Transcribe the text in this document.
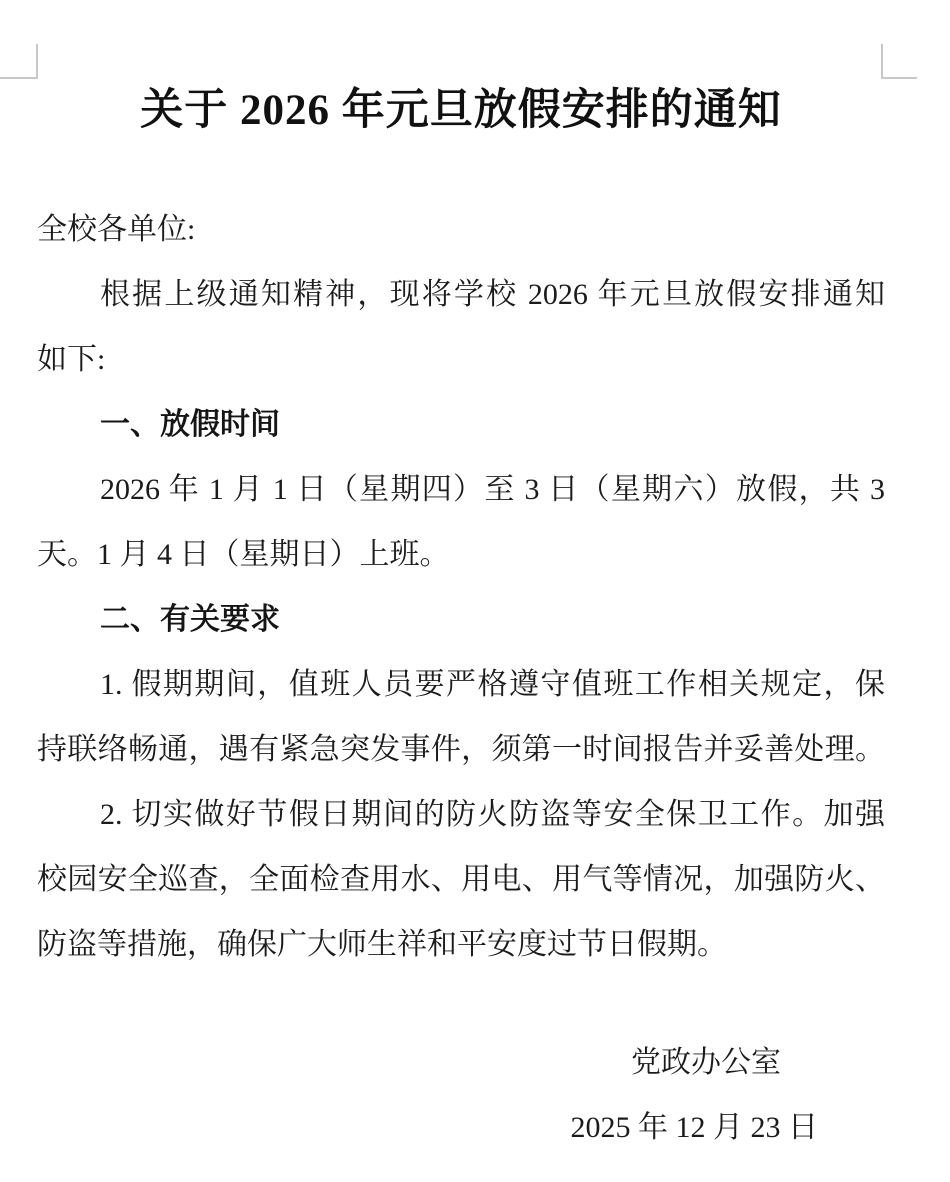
关于 2026 年元旦放假安排的通知

全校各单位:

根据上级通知精神，现将学校 2026 年元旦放假安排通知

如下:

一、放假时间

2026 年 1 月 1 日（星期四）至 3 日（星期六）放假，共 3

天。1 月 4 日（星期日）上班。

二、有关要求

1. 假期期间，值班人员要严格遵守值班工作相关规定，保

持联络畅通，遇有紧急突发事件，须第一时间报告并妥善处理。

2. 切实做好节假日期间的防火防盗等安全保卫工作。加强

校园安全巡查，全面检查用水、用电、用气等情况，加强防火、

防盗等措施，确保广大师生祥和平安度过节日假期。

党政办公室

2025 年 12 月 23 日
